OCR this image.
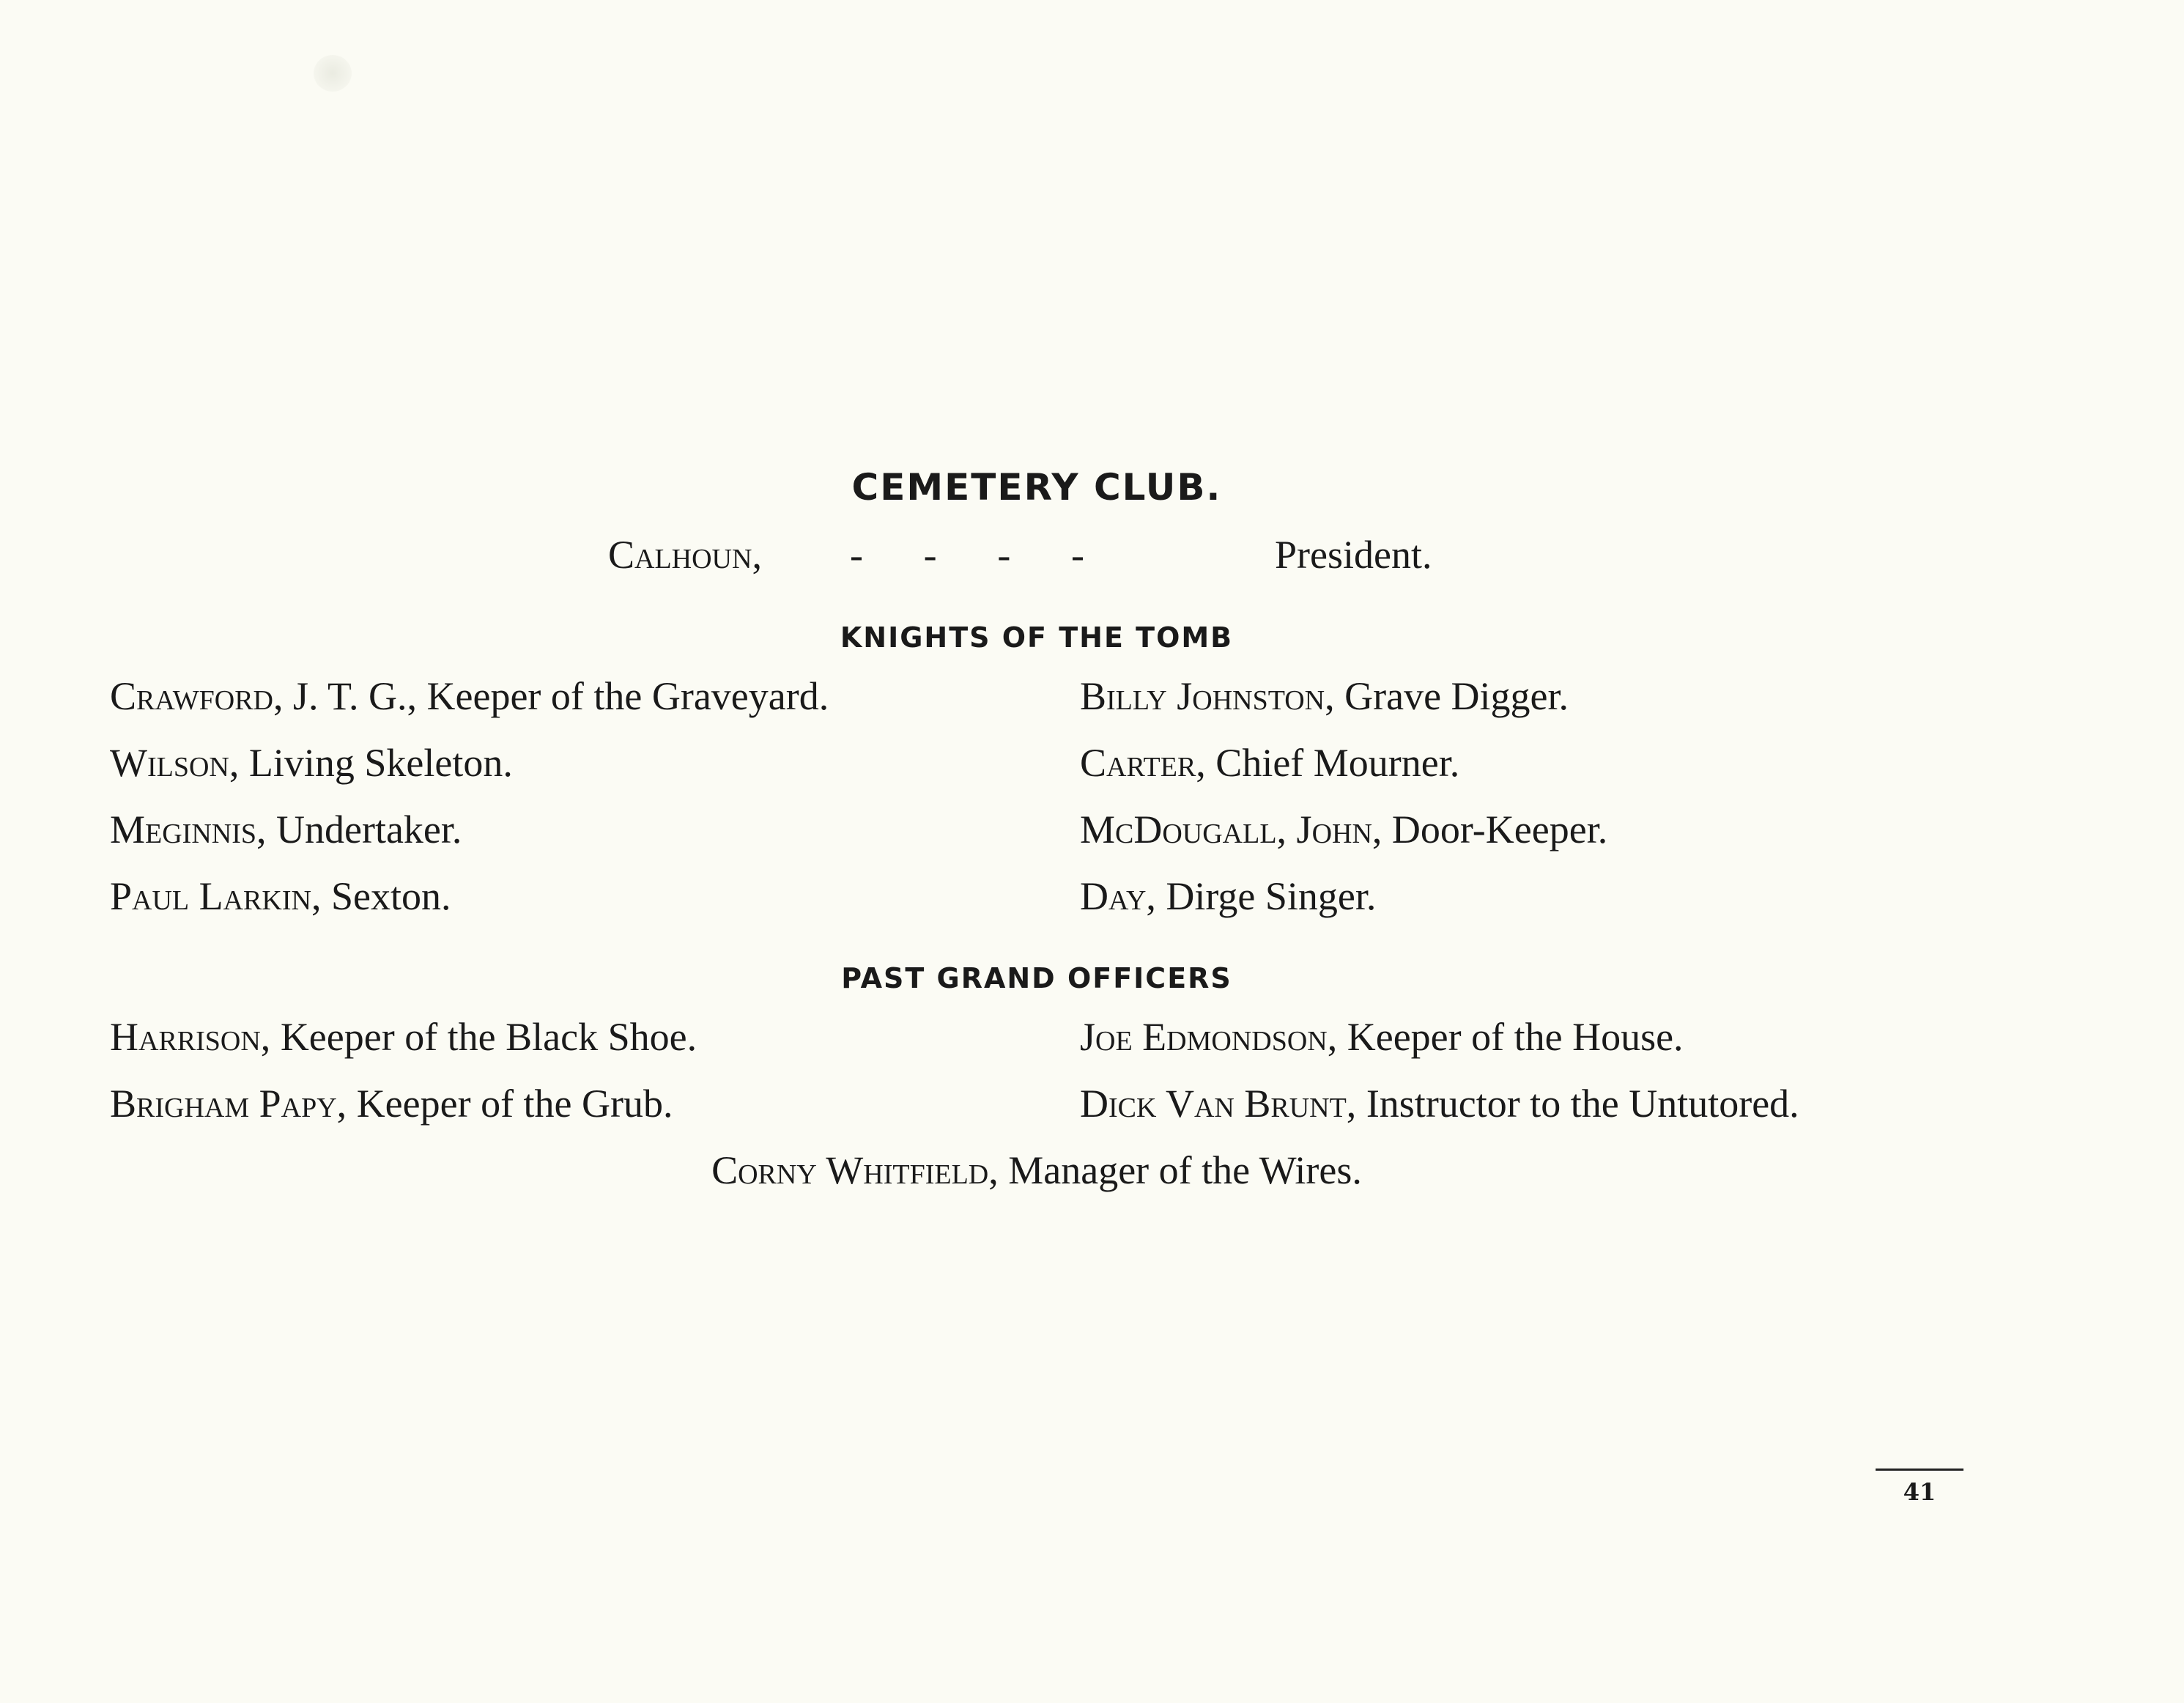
CEMETERY CLUB.
Calhoun, - - - -	President.
KNIGHTS OF THE TOMB
Crawford, J. T. G., Keeper of the Graveyard.
Wilson, Living Skeleton.
Meginnis, Undertaker.
Paul Larkin, Sexton.
Billy Johnston, Grave Digger.
Carter, Chief Mourner.
McDougall, John, Door-Keeper.
Day, Dirge Singer.
PAST GRAND OFFICERS
Harrison, Keeper of the Black Shoe.
Brigham Papy, Keeper of the Grub.
Joe Edmondson, Keeper of the House.
Dick Van Brunt, Instructor to the Untutored.
Corny Whitfield, Manager of the Wires.
41
